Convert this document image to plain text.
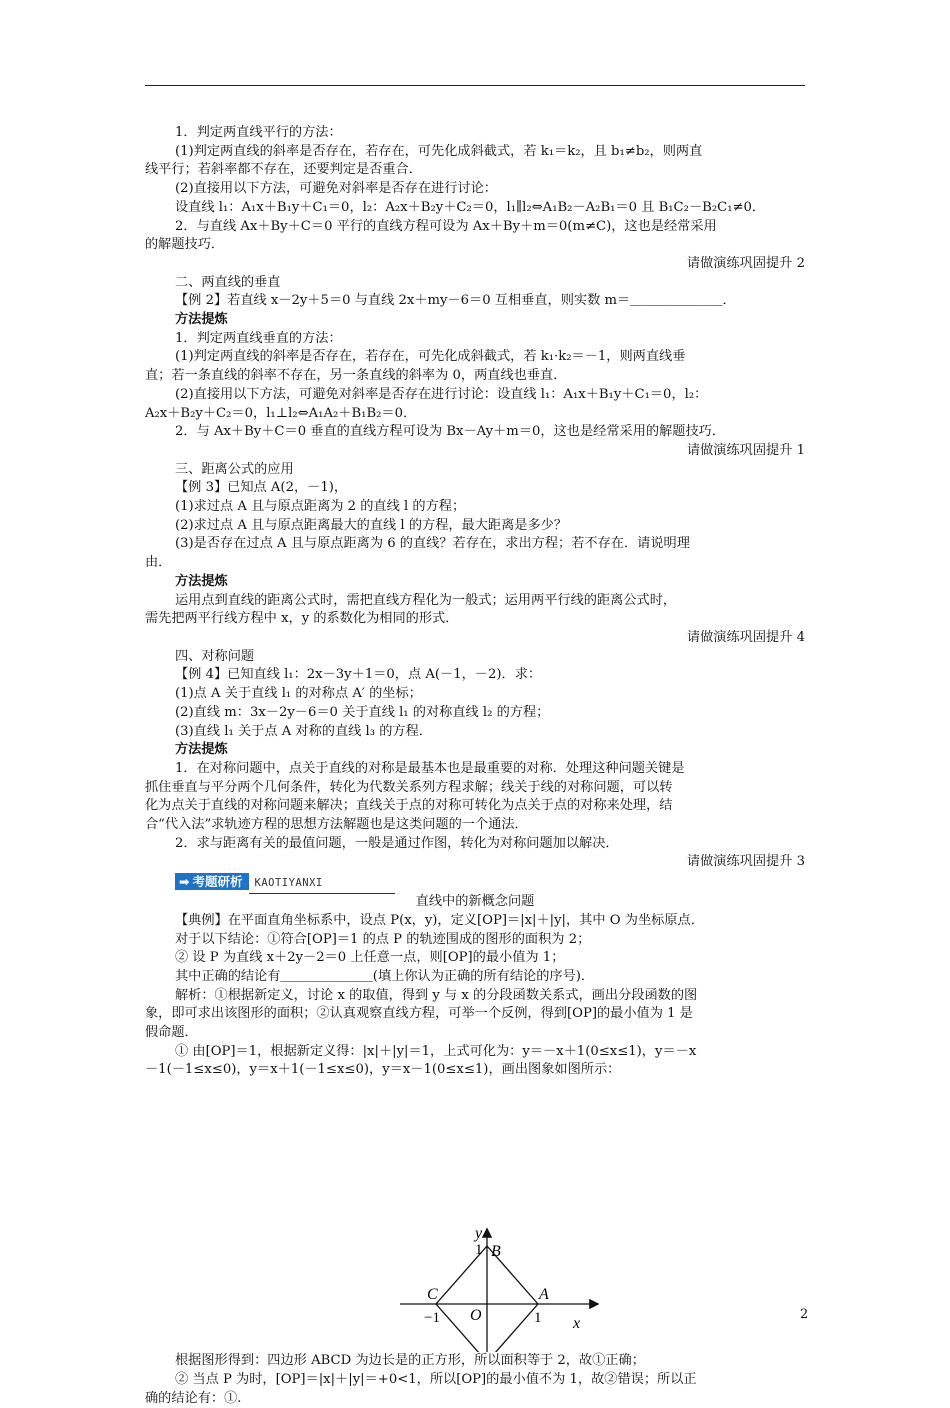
1．判定两直线平行的方法：

(1)判定两直线的斜率是否存在，若存在，可先化成斜截式，若 k₁＝k₂，且 b₁≠b₂，则两直

线平行；若斜率都不存在，还要判定是否重合．

(2)直接用以下方法，可避免对斜率是否存在进行讨论：

设直线 l₁：A₁x＋B₁y＋C₁＝0，l₂：A₂x＋B₂y＋C₂＝0，l₁∥l₂⇔A₁B₂－A₂B₁＝0 且 B₁C₂－B₂C₁≠0．

2．与直线 Ax＋By＋C＝0 平行的直线方程可设为 Ax＋By＋m＝0(m≠C)，这也是经常采用

的解题技巧．

请做演练巩固提升 2

二、两直线的垂直

【例 2】若直线 x－2y＋5＝0 与直线 2x＋my－6＝0 互相垂直，则实数 m＝＿＿＿＿＿＿＿．

方法提炼

1．判定两直线垂直的方法：

(1)判定两直线的斜率是否存在，若存在，可先化成斜截式，若 k₁·k₂＝－1，则两直线垂

直；若一条直线的斜率不存在，另一条直线的斜率为 0，两直线也垂直．

(2)直接用以下方法，可避免对斜率是否存在进行讨论：设直线 l₁：A₁x＋B₁y＋C₁＝0，l₂：

A₂x＋B₂y＋C₂＝0，l₁⊥l₂⇔A₁A₂＋B₁B₂＝0．

2．与 Ax＋By＋C＝0 垂直的直线方程可设为 Bx－Ay＋m＝0，这也是经常采用的解题技巧．

请做演练巩固提升 1

三、距离公式的应用

【例 3】已知点 A(2，－1)，

(1)求过点 A 且与原点距离为 2 的直线 l 的方程；

(2)求过点 A 且与原点距离最大的直线 l 的方程，最大距离是多少？

(3)是否存在过点 A 且与原点距离为 6 的直线？若存在，求出方程；若不存在．请说明理

由．

方法提炼

运用点到直线的距离公式时，需把直线方程化为一般式；运用两平行线的距离公式时，

需先把两平行线方程中 x，y 的系数化为相同的形式．

请做演练巩固提升 4

四、对称问题

【例 4】已知直线 l₁：2x－3y＋1＝0，点 A(－1，－2)．求：

(1)点 A 关于直线 l₁ 的对称点 A′ 的坐标；

(2)直线 m：3x－2y－6＝0 关于直线 l₁ 的对称直线 l₂ 的方程；

(3)直线 l₁ 关于点 A 对称的直线 l₃ 的方程．

方法提炼

1．在对称问题中，点关于直线的对称是最基本也是最重要的对称．处理这种问题关键是

抓住垂直与平分两个几何条件，转化为代数关系列方程求解；线关于线的对称问题，可以转

化为点关于直线的对称问题来解决；直线关于点的对称可转化为点关于点的对称来处理，结

合“代入法”求轨迹方程的思想方法解题也是这类问题的一个通法．

2．求与距离有关的最值问题，一般是通过作图，转化为对称问题加以解决．

请做演练巩固提升 3

➡ 考题研析 KAOTIYANXI

直线中的新概念问题

【典例】在平面直角坐标系中，设点 P(x，y)，定义[OP]＝|x|＋|y|，其中 O 为坐标原点．

对于以下结论：①符合[OP]＝1 的点 P 的轨迹围成的图形的面积为 2；

② 设 P 为直线 x＋2y－2＝0 上任意一点，则[OP]的最小值为 1；

其中正确的结论有＿＿＿＿＿＿＿(填上你认为正确的所有结论的序号)．

解析：①根据新定义，讨论 x 的取值，得到 y 与 x 的分段函数关系式，画出分段函数的图

象，即可求出该图形的面积；②认真观察直线方程，可举一个反例，得到[OP]的最小值为 1 是

假命题．

① 由[OP]＝1，根据新定义得：|x|＋|y|＝1，上式可化为：y＝－x＋1(0≤x≤1)，y＝－x

－1(－1≤x≤0)，y＝x＋1(－1≤x≤0)，y＝x－1(0≤x≤1)，画出图象如图所示：

x
y
B
A
C
O	1
−1
1

根据图形得到：四边形 ABCD 为边长是的正方形，所以面积等于 2，故①正确；

② 当点 P 为时，[OP]＝|x|＋|y|＝+0<1，所以[OP]的最小值不为 1，故②错误；所以正

确的结论有：①.

2
